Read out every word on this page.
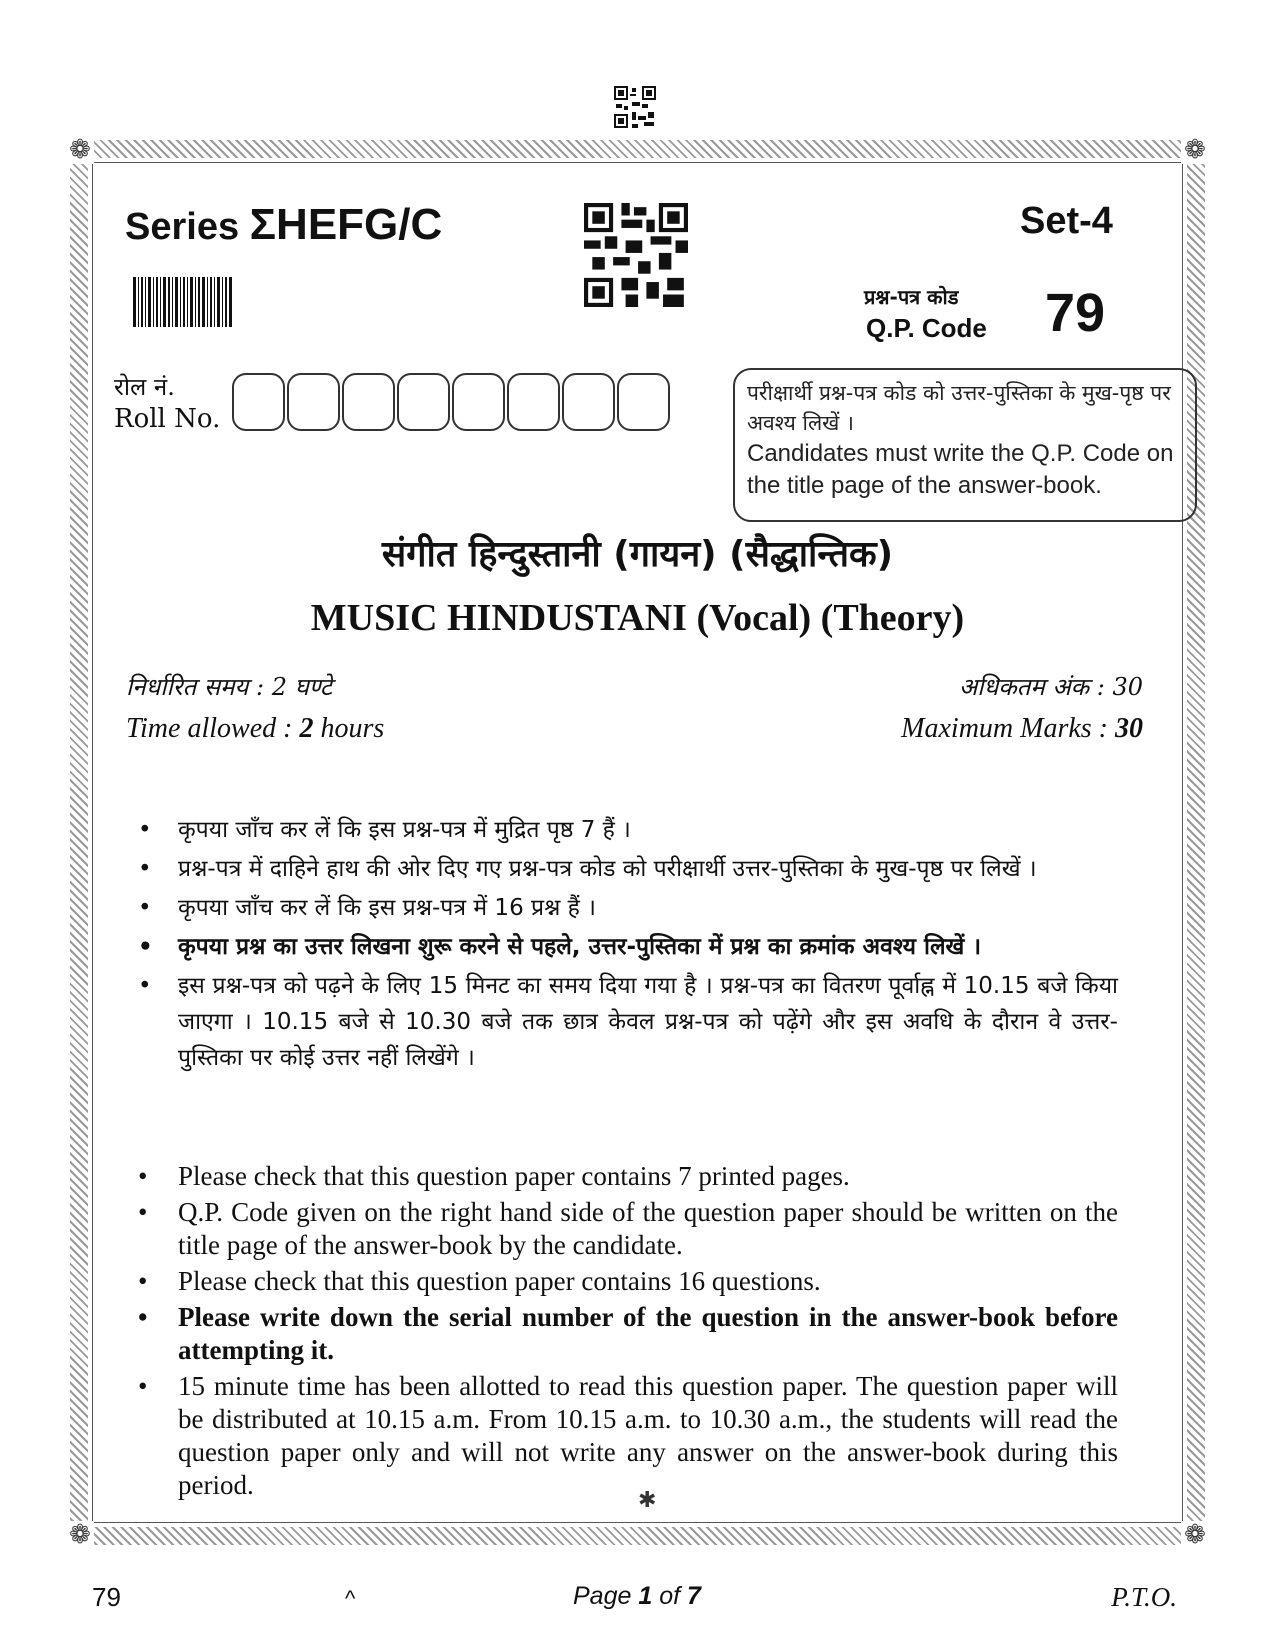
❁	❁
❁	❁
✱
Series ΣHEFG/C	Set-4
प्रश्न-पत्र कोड
Q.P. Code 79
रोल नं.
Roll No.
परीक्षार्थी प्रश्न-पत्र कोड को उत्तर-पुस्तिका के मुख-पृष्ठ पर अवश्य लिखें ।
Candidates must write the Q.P. Code on the title page of the answer-book.
संगीत हिन्दुस्तानी (गायन) (सैद्धान्तिक)
MUSIC HINDUSTANI (Vocal) (Theory)
निर्धारित समय : 2 घण्टे
Time allowed : 2 hours
अधिकतम अंक : 30
Maximum Marks : 30
• कृपया जाँच कर लें कि इस प्रश्न-पत्र में मुद्रित पृष्ठ 7 हैं ।
• प्रश्न-पत्र में दाहिने हाथ की ओर दिए गए प्रश्न-पत्र कोड को परीक्षार्थी उत्तर-पुस्तिका के मुख-पृष्ठ पर लिखें ।
• कृपया जाँच कर लें कि इस प्रश्न-पत्र में 16 प्रश्न हैं ।
• कृपया प्रश्न का उत्तर लिखना शुरू करने से पहले, उत्तर-पुस्तिका में प्रश्न का क्रमांक अवश्य लिखें ।
• इस प्रश्न-पत्र को पढ़ने के लिए 15 मिनट का समय दिया गया है । प्रश्न-पत्र का वितरण पूर्वाह्न में 10.15 बजे किया जाएगा । 10.15 बजे से 10.30 बजे तक छात्र केवल प्रश्न-पत्र को पढ़ेंगे और इस अवधि के दौरान वे उत्तर-पुस्तिका पर कोई उत्तर नहीं लिखेंगे ।
• Please check that this question paper contains 7 printed pages.
• Q.P. Code given on the right hand side of the question paper should be written on the title page of the answer-book by the candidate.
• Please check that this question paper contains 16 questions.
• Please write down the serial number of the question in the answer-book before attempting it.
• 15 minute time has been allotted to read this question paper. The question paper will be distributed at 10.15 a.m. From 10.15 a.m. to 10.30 a.m., the students will read the question paper only and will not write any answer on the answer-book during this period.
79	^	Page 1 of 7	P.T.O.
